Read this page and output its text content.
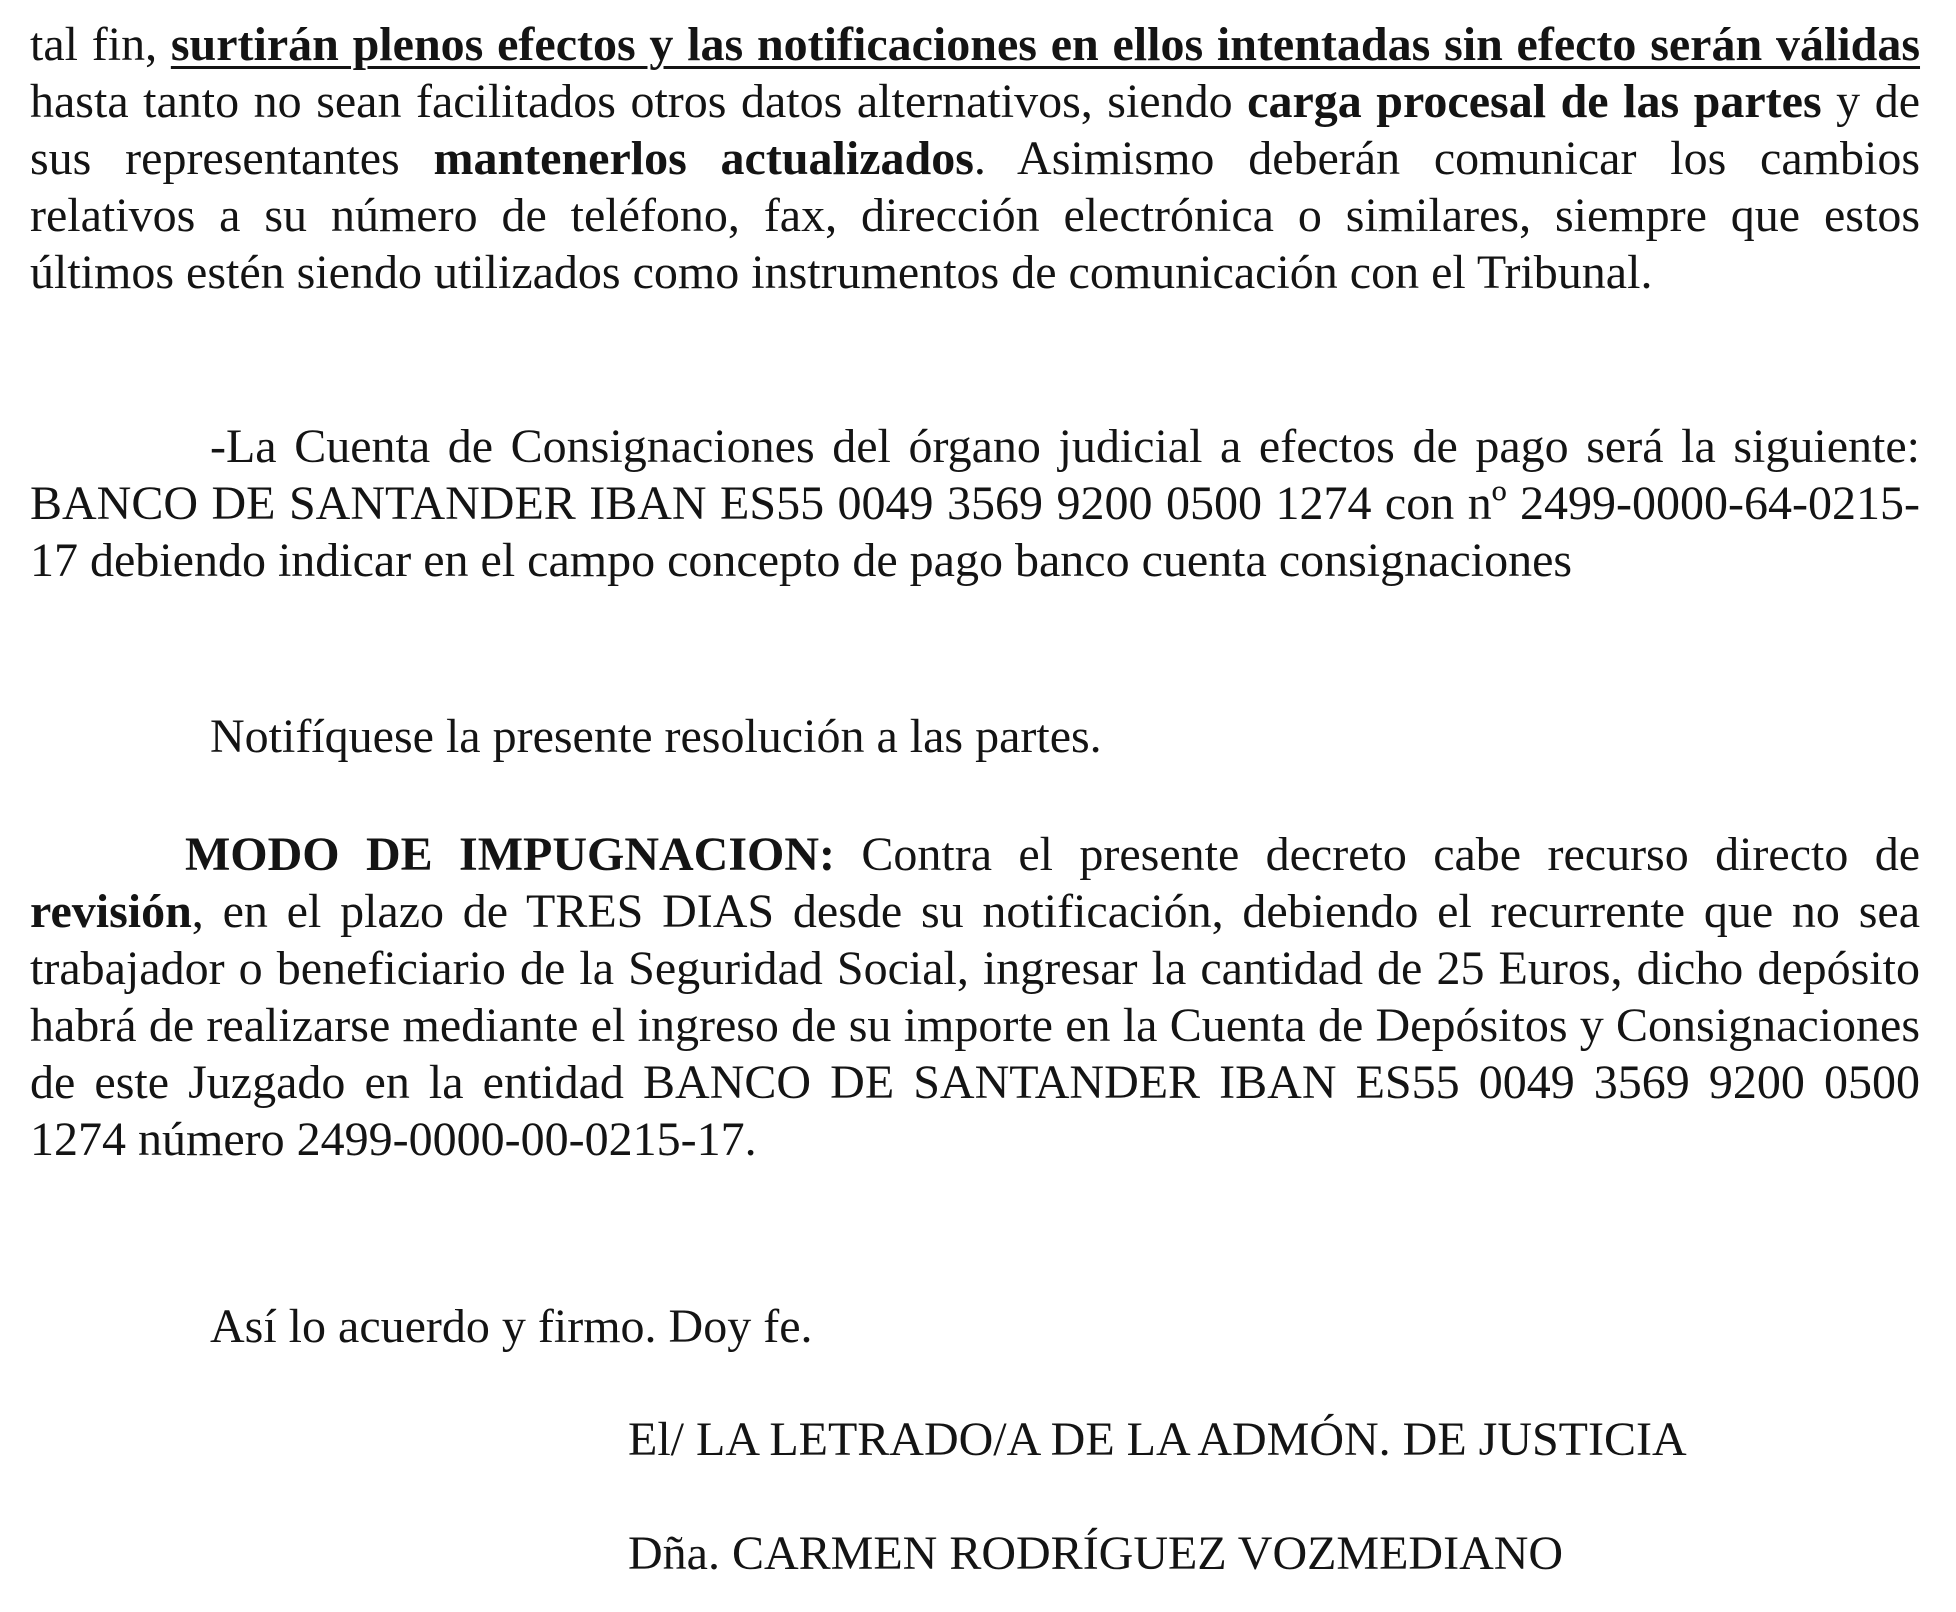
tal fin, surtirán plenos efectos y las notificaciones en ellos intentadas sin efecto serán válidas hasta tanto no sean facilitados otros datos alternativos, siendo carga procesal de las partes y de sus representantes mantenerlos actualizados. Asimismo deberán comunicar los cambios relativos a su número de teléfono, fax, dirección electrónica o similares, siempre que estos últimos estén siendo utilizados como instrumentos de comunicación con el Tribunal.

-La Cuenta de Consignaciones del órgano judicial a efectos de pago será la siguiente: BANCO DE SANTANDER IBAN ES55 0049 3569 9200 0500 1274 con nº 2499-0000-64-0215-17 debiendo indicar en el campo concepto de pago banco cuenta consignaciones

Notifíquese la presente resolución a las partes.

MODO DE IMPUGNACION: Contra el presente decreto cabe recurso directo de revisión, en el plazo de TRES DIAS desde su notificación, debiendo el recurrente que no sea trabajador o beneficiario de la Seguridad Social, ingresar la cantidad de 25 Euros, dicho depósito habrá de realizarse mediante el ingreso de su importe en la Cuenta de Depósitos y Consignaciones de este Juzgado en la entidad BANCO DE SANTANDER IBAN ES55 0049 3569 9200 0500 1274 número 2499-0000-00-0215-17.

Así lo acuerdo y firmo. Doy fe.

El/ LA LETRADO/A DE LA ADMÓN. DE JUSTICIA

Dña. CARMEN RODRÍGUEZ VOZMEDIANO
